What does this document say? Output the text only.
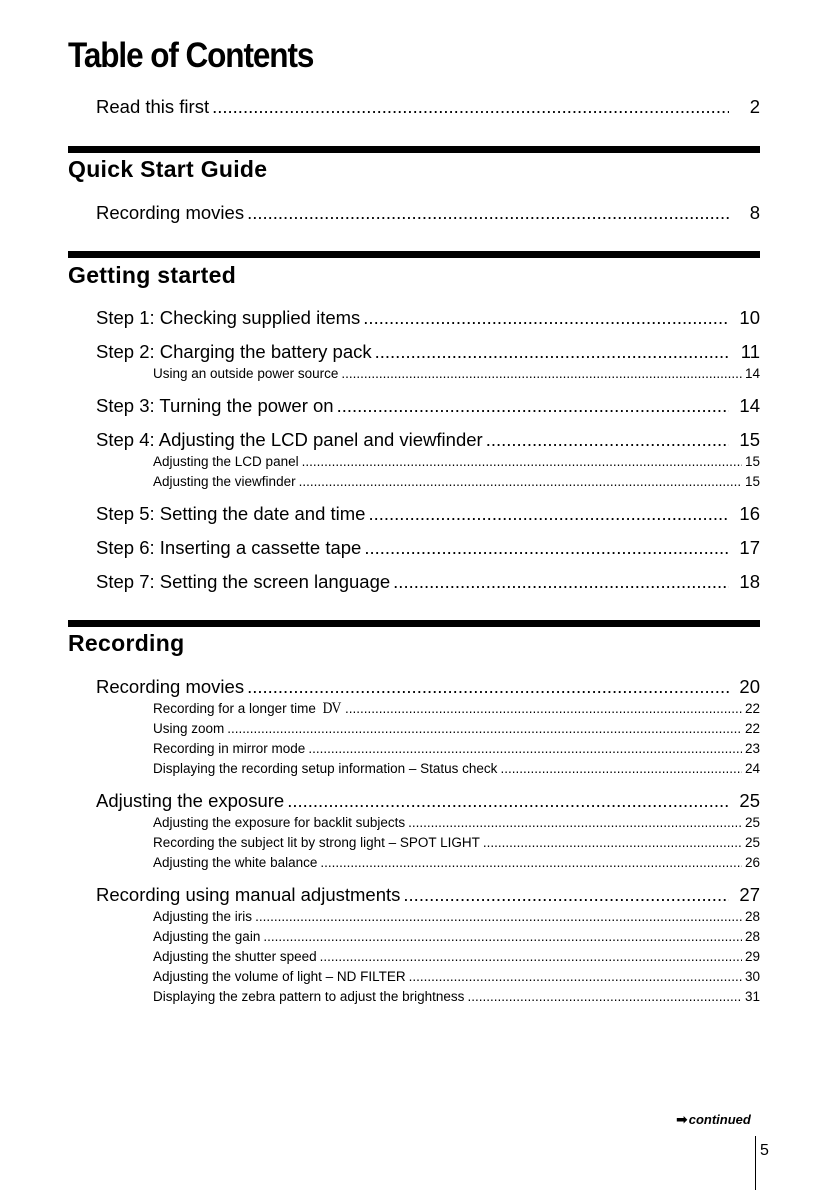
Table of Contents
Read this first .....	2
Quick Start Guide
Recording movies .....	8
Getting started
Step 1: Checking supplied items .....	10
Step 2: Charging the battery pack .....	11
Using an outside power source .....	14
Step 3: Turning the power on .....	14
Step 4: Adjusting the LCD panel and viewfinder .....	15
Adjusting the LCD panel .....	15
Adjusting the viewfinder .....	15
Step 5: Setting the date and time .....	16
Step 6: Inserting a cassette tape .....	17
Step 7: Setting the screen language .....	18
Recording
Recording movies .....	20
Recording for a longer time DV .....	22
Using zoom .....	22
Recording in mirror mode .....	23
Displaying the recording setup information – Status check .....	24
Adjusting the exposure .....	25
Adjusting the exposure for backlit subjects .....	25
Recording the subject lit by strong light – SPOT LIGHT .....	25
Adjusting the white balance .....	26
Recording using manual adjustments .....	27
Adjusting the iris .....	28
Adjusting the gain .....	28
Adjusting the shutter speed .....	29
Adjusting the volume of light – ND FILTER .....	30
Displaying the zebra pattern to adjust the brightness .....	31
➡ continued
5
